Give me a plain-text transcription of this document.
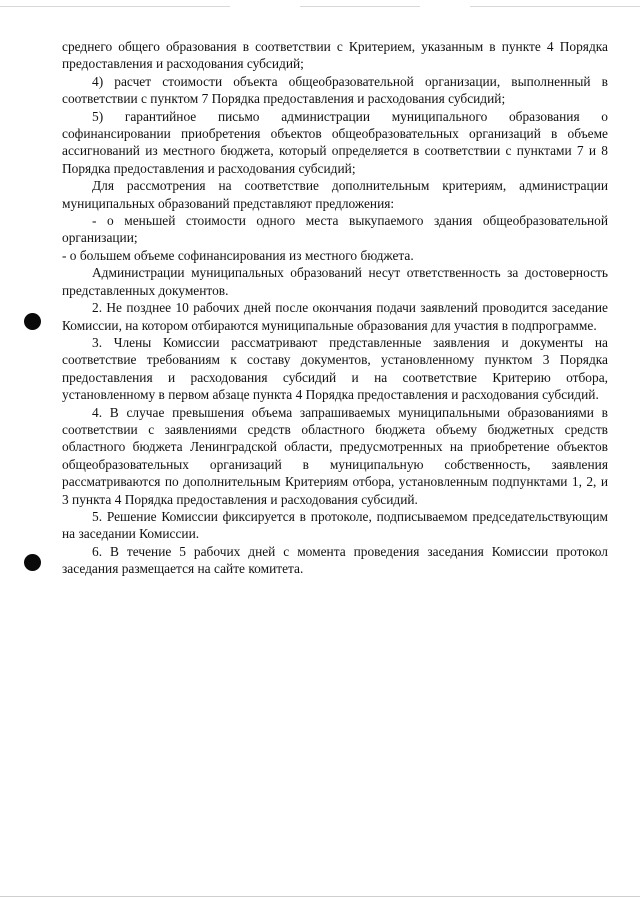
среднего общего образования в соответствии с Критерием, указанным в пункте 4 Порядка предоставления и расходования субсидий;

4) расчет стоимости объекта общеобразовательной организации, выполненный в соответствии с пунктом 7 Порядка предоставления и расходования субсидий;

5) гарантийное письмо администрации муниципального образования о софинансировании приобретения объектов общеобразовательных организаций в объеме ассигнований из местного бюджета, который определяется в соответствии с пунктами 7 и 8 Порядка предоставления и расходования субсидий;

Для рассмотрения на соответствие дополнительным критериям, администрации муниципальных образований представляют предложения:

- о меньшей стоимости одного места выкупаемого здания общеобразовательной организации;

- о большем объеме софинансирования из местного бюджета.

Администрации муниципальных образований несут ответственность за достоверность представленных документов.

2. Не позднее 10 рабочих дней после окончания подачи заявлений проводится заседание Комиссии, на котором отбираются муниципальные образования для участия в подпрограмме.

3. Члены Комиссии рассматривают представленные заявления и документы на соответствие требованиям к составу документов, установленному пунктом 3 Порядка предоставления и расходования субсидий и на соответствие Критерию отбора, установленному в первом абзаце пункта 4 Порядка предоставления и расходования субсидий.

4. В случае превышения объема запрашиваемых муниципальными образованиями в соответствии с заявлениями средств областного бюджета объему бюджетных средств областного бюджета Ленинградской области, предусмотренных на приобретение объектов общеобразовательных организаций в муниципальную собственность, заявления рассматриваются по дополнительным Критериям отбора, установленным подпунктами 1, 2, и 3 пункта 4 Порядка предоставления и расходования субсидий.

5. Решение Комиссии фиксируется в протоколе, подписываемом председательствующим на заседании Комиссии.

6. В течение 5 рабочих дней с момента проведения заседания Комиссии протокол заседания размещается на сайте комитета.
